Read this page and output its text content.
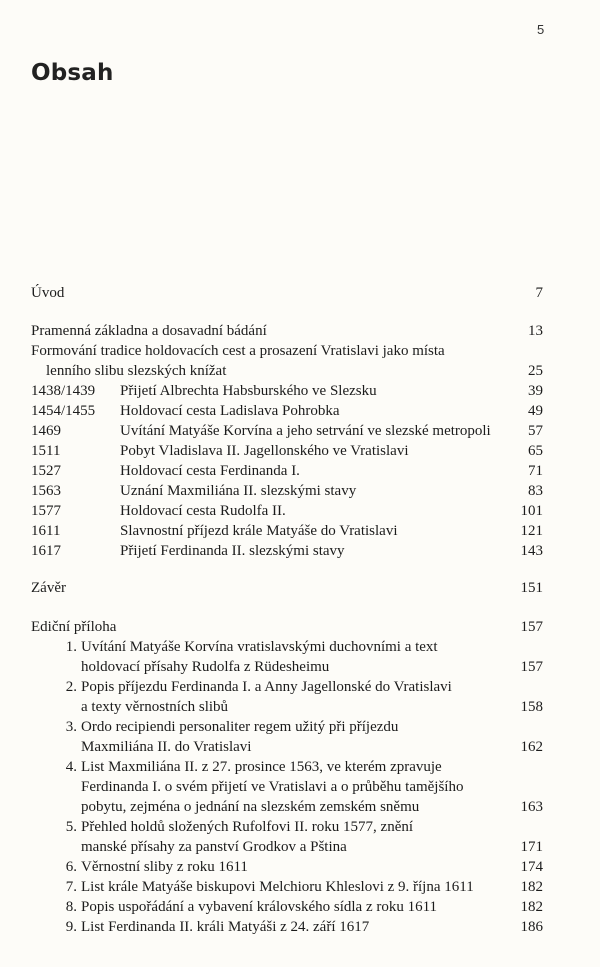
5
Obsah
Úvod	7
Pramenná základna a dosavadní bádání	13
Formování tradice holdovacích cest a prosazení Vratislavi jako místa
lenního slibu slezských knížat	25
1438/1439 Přijetí Albrechta Habsburského ve Slezsku	39
1454/1455 Holdovací cesta Ladislava Pohrobka	49
1469	Uvítání Matyáše Korvína a jeho setrvání ve slezské metropoli 57
1511	Pobyt Vladislava II. Jagellonského ve Vratislavi	65
1527	Holdovací cesta Ferdinanda I.	71
1563	Uznání Maxmiliána II. slezskými stavy	83
1577	Holdovací cesta Rudolfa II.	101
1611	Slavnostní příjezd krále Matyáše do Vratislavi	121
1617	Přijetí Ferdinanda II. slezskými stavy	143
Závěr	151
Ediční příloha	157
1. Uvítání Matyáše Korvína vratislavskými duchovními a text
holdovací přísahy Rudolfa z Rüdesheimu	157
2. Popis příjezdu Ferdinanda I. a Anny Jagellonské do Vratislavi
a texty věrnostních slibů	158
3. Ordo recipiendi personaliter regem užitý při příjezdu
Maxmiliána II. do Vratislavi	162
4. List Maxmiliána II. z 27. prosince 1563, ve kterém zpravuje
Ferdinanda I. o svém přijetí ve Vratislavi a o průběhu tamějšího
pobytu, zejména o jednání na slezském zemském sněmu	163
5. Přehled holdů složených Rufolfovi II. roku 1577, znění
manské přísahy za panství Grodkov a Pština	171
6. Věrnostní sliby z roku 1611	174
7. List krále Matyáše biskupovi Melchioru Khleslovi z 9. října 1611	182
8. Popis uspořádání a vybavení královského sídla z roku 1611	182
9. List Ferdinanda II. králi Matyáši z 24. září 1617	186
